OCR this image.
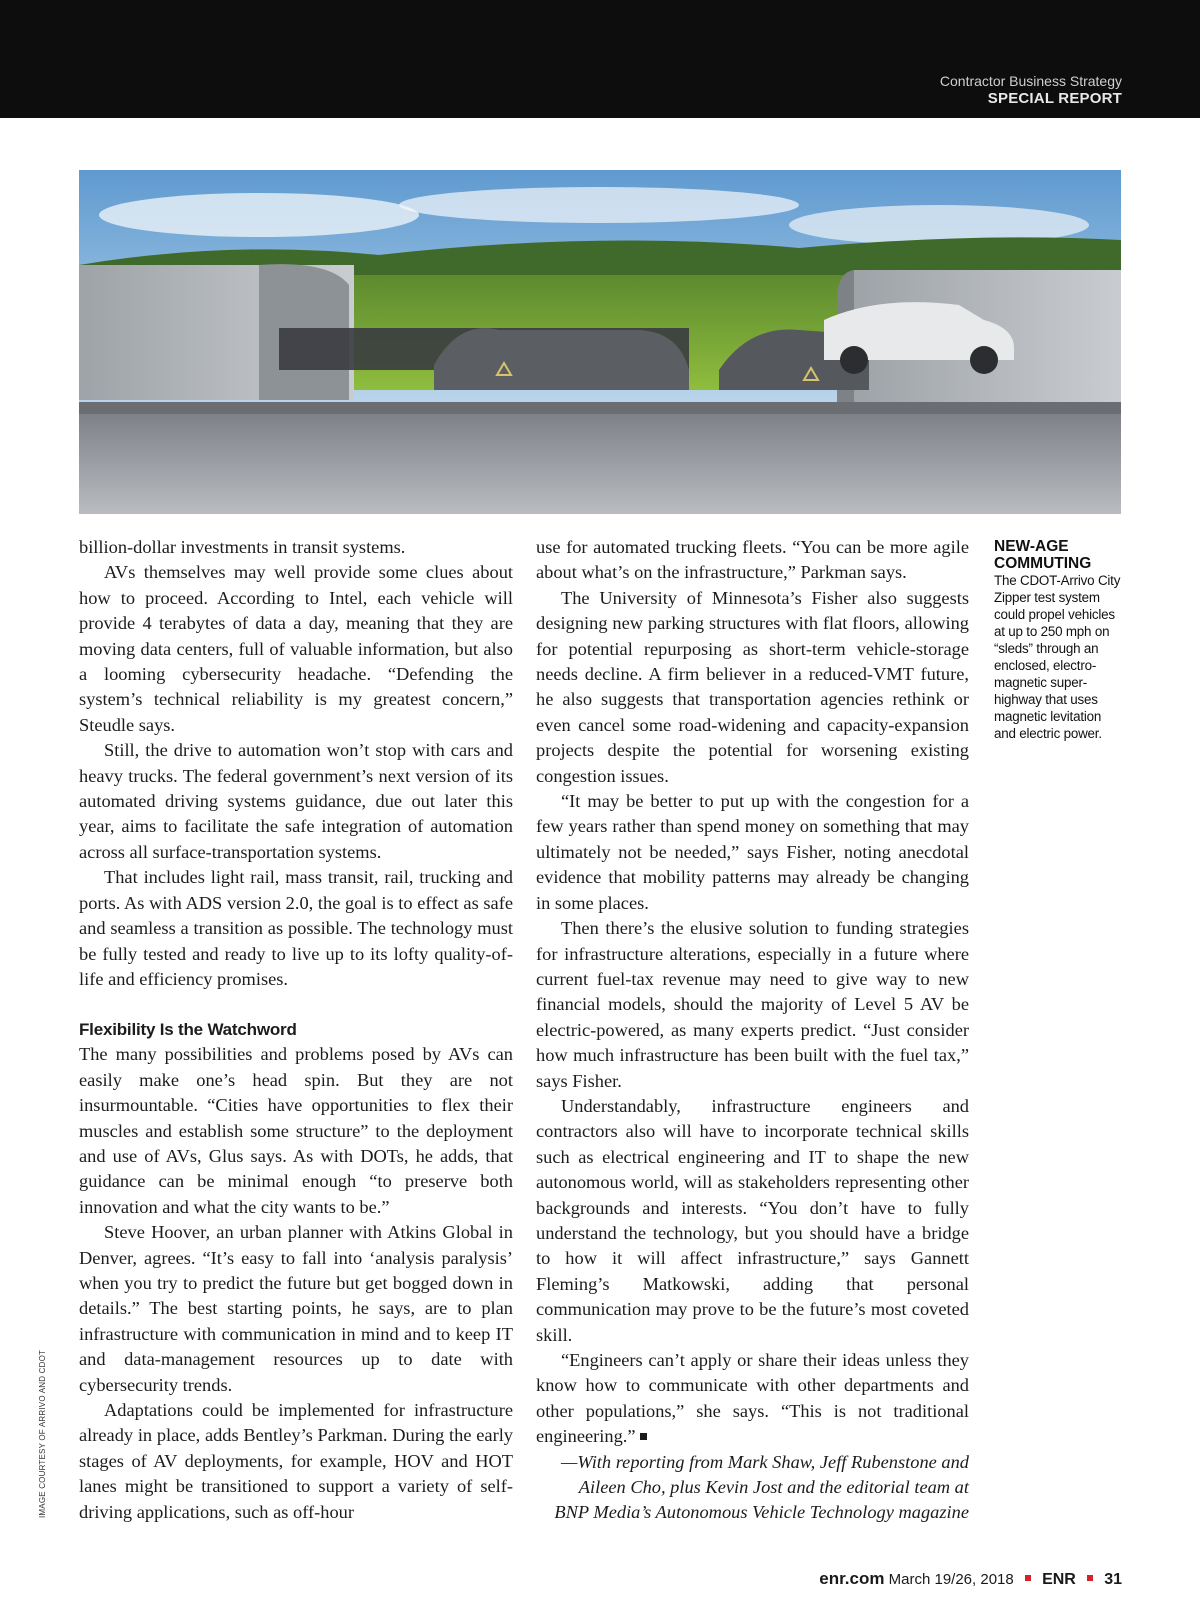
Contractor Business Strategy
SPECIAL REPORT
IMAGE COURTESY OF ARRIVO AND CDOT

billion-dollar investments in transit systems.

AVs themselves may well provide some clues about how to proceed. According to Intel, each vehicle will provide 4 terabytes of data a day, meaning that they are moving data centers, full of valuable information, but also a looming cybersecurity headache. “Defending the system’s technical reliability is my greatest concern,” Steudle says.

Still, the drive to automation won’t stop with cars and heavy trucks. The federal government’s next version of its automated driving systems guidance, due out later this year, aims to facilitate the safe integration of automation across all surface-transportation systems.

That includes light rail, mass transit, rail, trucking and ports. As with ADS version 2.0, the goal is to effect as safe and seamless a transition as possible. The technology must be fully tested and ready to live up to its lofty quality-of-life and efficiency promises.

Flexibility Is the Watchword

The many possibilities and problems posed by AVs can easily make one’s head spin. But they are not insurmountable. “Cities have opportunities to flex their muscles and establish some structure” to the deployment and use of AVs, Glus says. As with DOTs, he adds, that guidance can be minimal enough “to preserve both innovation and what the city wants to be.”

Steve Hoover, an urban planner with Atkins Global in Denver, agrees. “It’s easy to fall into ‘analysis paralysis’ when you try to predict the future but get bogged down in details.” The best starting points, he says, are to plan infrastructure with communication in mind and to keep IT and data-management resources up to date with cybersecurity trends.

Adaptations could be implemented for infrastructure already in place, adds Bentley’s Parkman. During the early stages of AV deployments, for example, HOV and HOT lanes might be transitioned to support a variety of self-driving applications, such as off-hour

use for automated trucking fleets. “You can be more agile about what’s on the infrastructure,” Parkman says.

The University of Minnesota’s Fisher also suggests designing new parking structures with flat floors, allowing for potential repurposing as short-term vehicle-storage needs decline. A firm believer in a reduced-VMT future, he also suggests that transportation agencies rethink or even cancel some road-widening and capacity-expansion projects despite the potential for worsening existing congestion issues.

“It may be better to put up with the congestion for a few years rather than spend money on something that may ultimately not be needed,” says Fisher, noting anecdotal evidence that mobility patterns may already be changing in some places.

Then there’s the elusive solution to funding strategies for infrastructure alterations, especially in a future where current fuel-tax revenue may need to give way to new financial models, should the majority of Level 5 AV be electric-powered, as many experts predict. “Just consider how much infrastructure has been built with the fuel tax,” says Fisher.

Understandably, infrastructure engineers and contractors also will have to incorporate technical skills such as electrical engineering and IT to shape the new autonomous world, will as stakeholders representing other backgrounds and interests. “You don’t have to fully understand the technology, but you should have a bridge to how it will affect infrastructure,” says Gannett Fleming’s Matkowski, adding that personal communication may prove to be the future’s most coveted skill.

“Engineers can’t apply or share their ideas unless they know how to communicate with other departments and other populations,” she says. “This is not traditional engineering.”

—With reporting from Mark Shaw, Jeff Rubenstone and
Aileen Cho, plus Kevin Jost and the editorial team at
BNP Media’s Autonomous Vehicle Technology magazine
NEW-AGE COMMUTING
The CDOT-Arrivo City Zipper test system could propel vehicles at up to 250 mph on “sleds” through an enclosed, electro-magnetic super-highway that uses magnetic levitation and electric power.
enr.com March 19/26, 2018 ENR 31
